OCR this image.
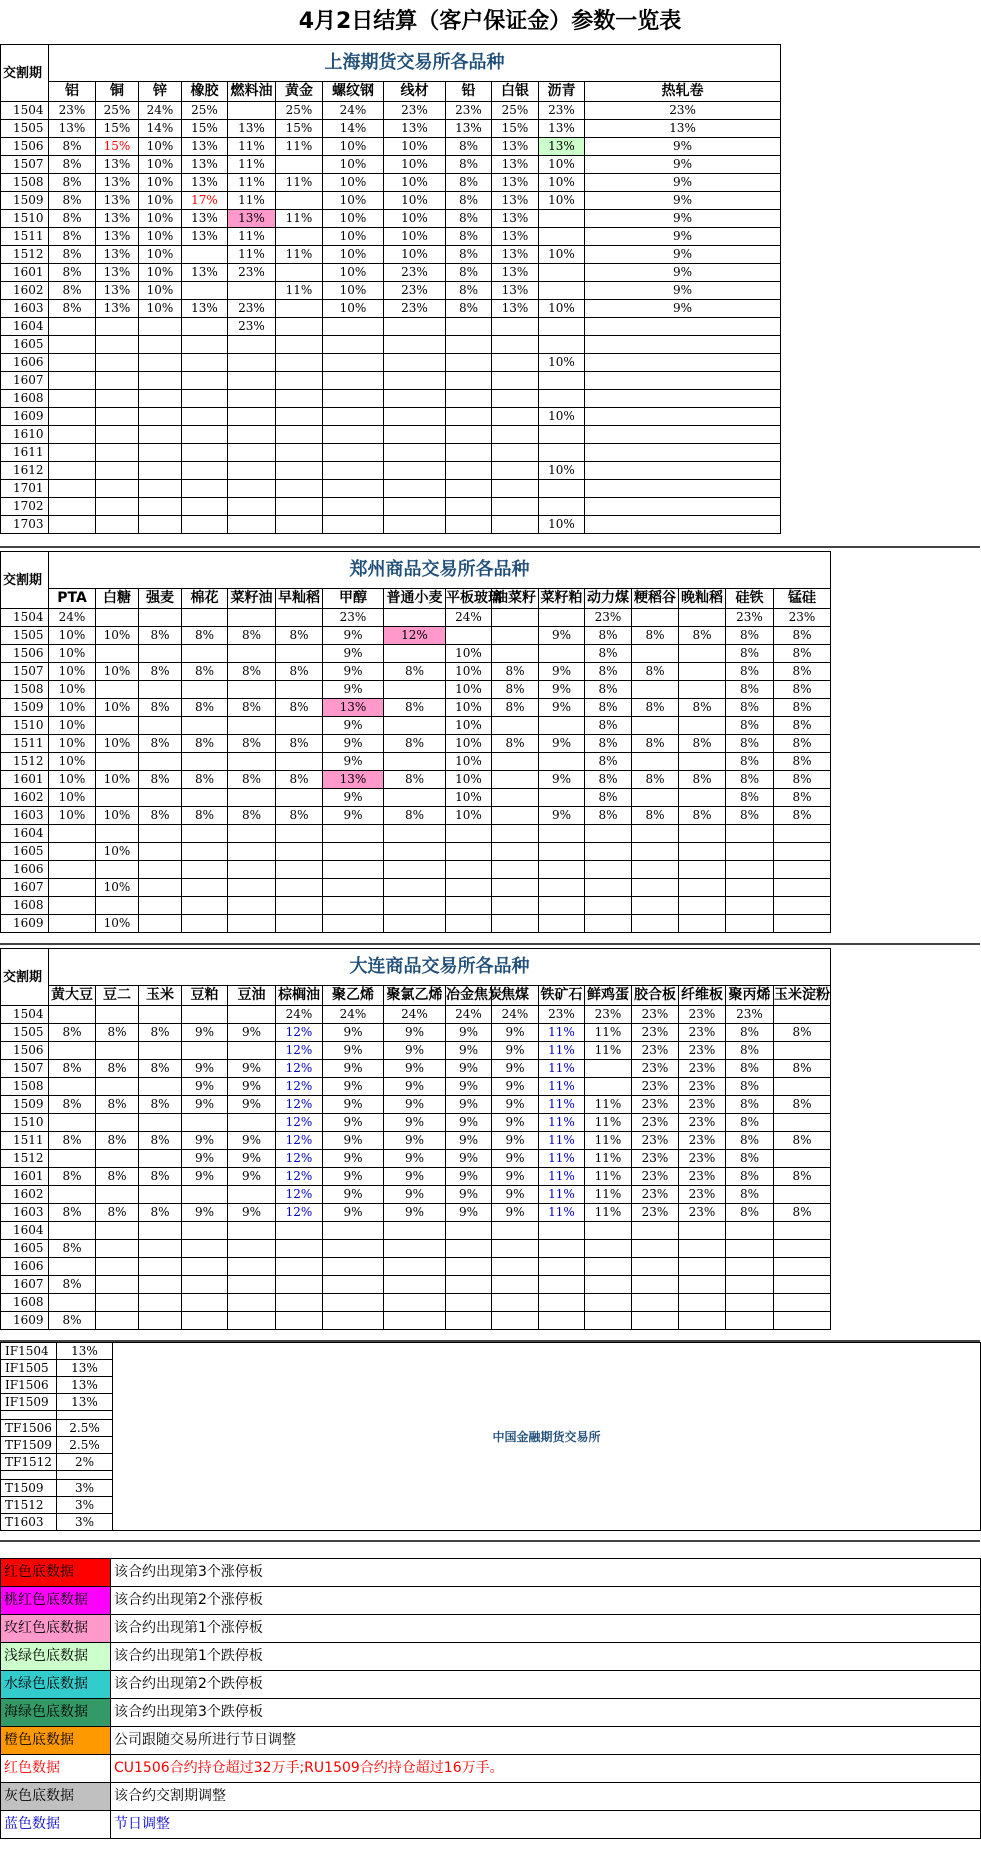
4月2日结算（客户保证金）参数一览表
交割期	上海期货交易所各品种												
	铝	铜	锌	橡胶	燃料油	黄金	螺纹钢	线材	铅	白银	沥青	热轧卷	
1504	23%	25%	24%	25%		25%	24%	23%	23%	25%	23%	23%	
1505	13%	15%	14%	15%	13%	15%	14%	13%	13%	15%	13%	13%	
1506	8%	15%	10%	13%	11%	11%	10%	10%	8%	13%	13%	9%	
1507	8%	13%	10%	13%	11%		10%	10%	8%	13%	10%	9%	
1508	8%	13%	10%	13%	11%	11%	10%	10%	8%	13%	10%	9%	
1509	8%	13%	10%	17%	11%		10%	10%	8%	13%	10%	9%	
1510	8%	13%	10%	13%	13%	11%	10%	10%	8%	13%		9%	
1511	8%	13%	10%	13%	11%		10%	10%	8%	13%		9%	
1512	8%	13%	10%		11%	11%	10%	10%	8%	13%	10%	9%	
1601	8%	13%	10%	13%	23%		10%	23%	8%	13%		9%	
1602	8%	13%	10%			11%	10%	23%	8%	13%		9%	
1603	8%	13%	10%	13%	23%		10%	23%	8%	13%	10%	9%	
1604					23%								
1605													
1606											10%		
1607													
1608													
1609											10%		
1610													
1611													
1612											10%		
1701													
1702													
1703											10%		
交割期	郑州商品交易所各品种															
	PTA	白糖	强麦	棉花	菜籽油	早籼稻	甲醇	普通小麦	平板玻璃	油菜籽	菜籽粕	动力煤	粳稻谷	晚籼稻	硅铁	锰硅
1504	24%						23%		24%			23%			23%	23%
1505	10%	10%	8%	8%	8%	8%	9%	12%			9%	8%	8%	8%	8%	8%
1506	10%						9%		10%			8%			8%	8%
1507	10%	10%	8%	8%	8%	8%	9%	8%	10%	8%	9%	8%	8%		8%	8%
1508	10%						9%		10%	8%	9%	8%			8%	8%
1509	10%	10%	8%	8%	8%	8%	13%	8%	10%	8%	9%	8%	8%	8%	8%	8%
1510	10%						9%		10%			8%			8%	8%
1511	10%	10%	8%	8%	8%	8%	9%	8%	10%	8%	9%	8%	8%	8%	8%	8%
1512	10%						9%		10%			8%			8%	8%
1601	10%	10%	8%	8%	8%	8%	13%	8%	10%		9%	8%	8%	8%	8%	8%
1602	10%						9%		10%			8%			8%	8%
1603	10%	10%	8%	8%	8%	8%	9%	8%	10%		9%	8%	8%	8%	8%	8%
1604																
1605		10%														
1606																
1607		10%														
1608																
1609		10%														
交割期	大连商品交易所各品种															
	黄大豆	豆二	玉米	豆粕	豆油	棕榈油	聚乙烯	聚氯乙烯	冶金焦炭	焦煤	铁矿石	鲜鸡蛋	胶合板	纤维板	聚丙烯	玉米淀粉
1504						24%	24%	24%	24%	24%	23%	23%	23%	23%	23%	
1505	8%	8%	8%	9%	9%	12%	9%	9%	9%	9%	11%	11%	23%	23%	8%	8%
1506						12%	9%	9%	9%	9%	11%	11%	23%	23%	8%	
1507	8%	8%	8%	9%	9%	12%	9%	9%	9%	9%	11%		23%	23%	8%	8%
1508				9%	9%	12%	9%	9%	9%	9%	11%		23%	23%	8%	
1509	8%	8%	8%	9%	9%	12%	9%	9%	9%	9%	11%	11%	23%	23%	8%	8%
1510						12%	9%	9%	9%	9%	11%	11%	23%	23%	8%	
1511	8%	8%	8%	9%	9%	12%	9%	9%	9%	9%	11%	11%	23%	23%	8%	8%
1512				9%	9%	12%	9%	9%	9%	9%	11%	11%	23%	23%	8%	
1601	8%	8%	8%	9%	9%	12%	9%	9%	9%	9%	11%	11%	23%	23%	8%	8%
1602						12%	9%	9%	9%	9%	11%	11%	23%	23%	8%	
1603	8%	8%	8%	9%	9%	12%	9%	9%	9%	9%	11%	11%	23%	23%	8%	8%
1604																
1605	8%															
1606																
1607	8%															
1608																
1609	8%															
IF1504	13%	中国金融期货交易所
IF1505	13%	
IF1506	13%	
IF1509	13%	

TF1506	2.5%	
TF1509	2.5%	
TF1512	2%	

T1509	3%	
T1512	3%	
T1603	3%	
红色底数据	该合约出现第3个涨停板
桃红色底数据	该合约出现第2个涨停板
玫红色底数据	该合约出现第1个涨停板
浅绿色底数据	该合约出现第1个跌停板
水绿色底数据	该合约出现第2个跌停板
海绿色底数据	该合约出现第3个跌停板
橙色底数据	公司跟随交易所进行节日调整
红色数据	CU1506合约持仓超过32万手;RU1509合约持仓超过16万手。
灰色底数据	该合约交割期调整
蓝色数据	节日调整
